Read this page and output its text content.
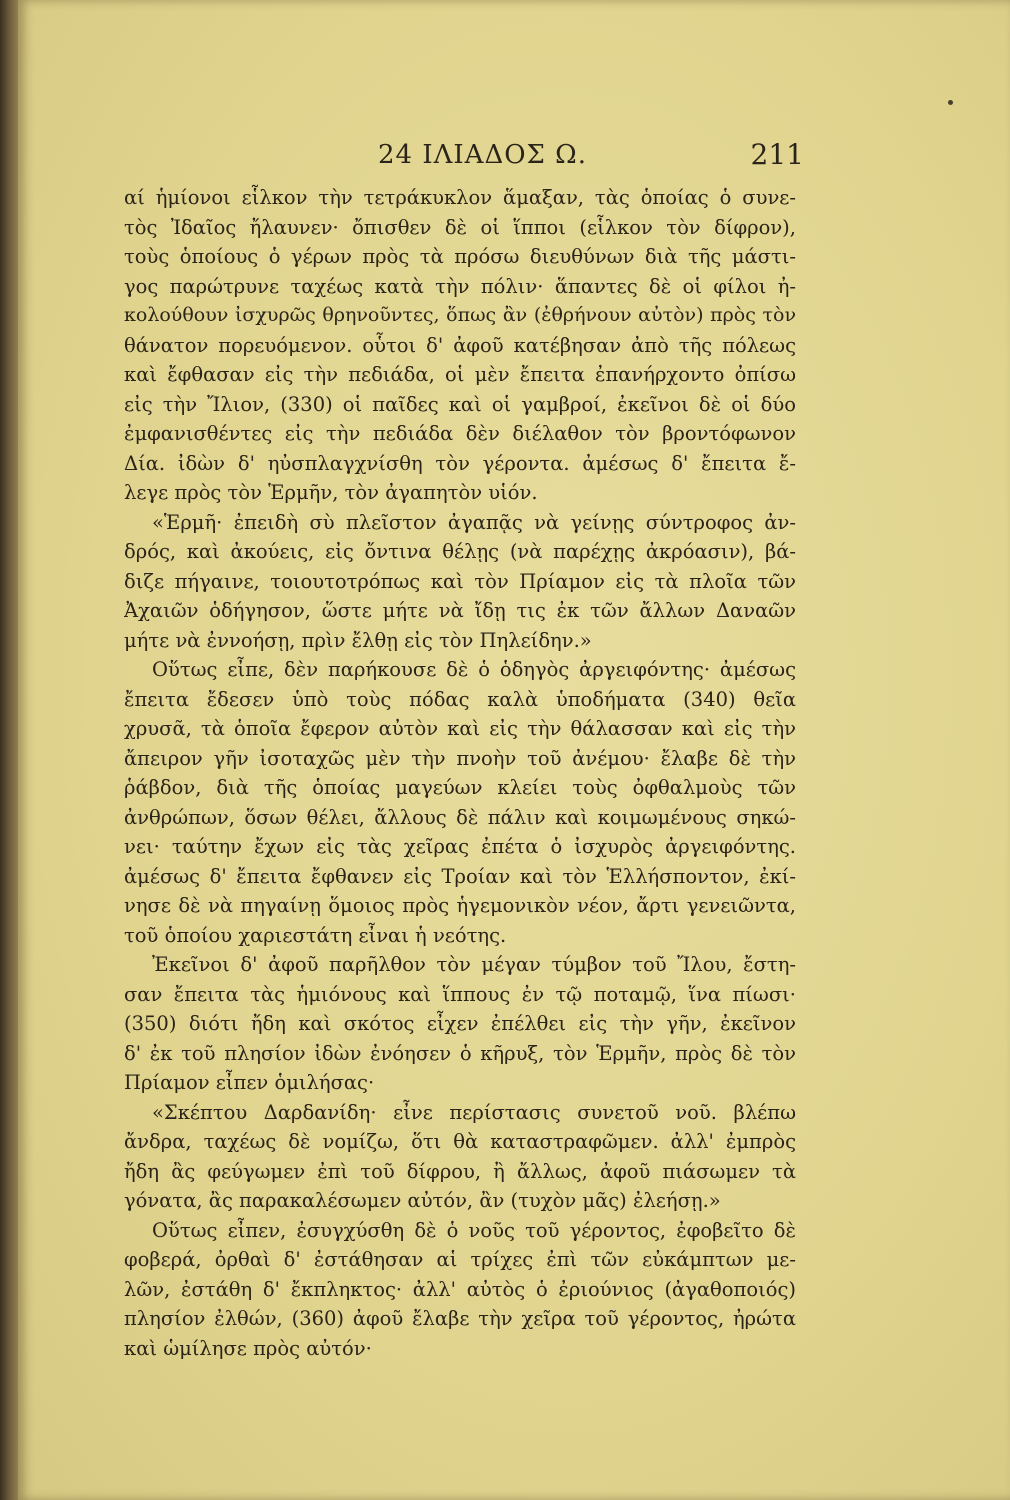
24 ΙΛΙΑΔΟΣ Ω.	211
αί ἡμίονοι εἷλκον τὴν τετράκυκλον ἅμαξαν, τὰς ὁποίας ὁ συνε-
τὸς Ἰδαῖος ἤλαυνεν· ὄπισθεν δὲ οἱ ἵπποι (εἷλκον τὸν δίφρον),
τοὺς ὁποίους ὁ γέρων πρὸς τὰ πρόσω διευθύνων διὰ τῆς μάστι-
γος παρώτρυνε ταχέως κατὰ τὴν πόλιν· ἅπαντες δὲ οἱ φίλοι ἠ-
κολούθουν ἰσχυρῶς θρηνοῦντες, ὅπως ἂν (ἐθρήνουν αὐτὸν) πρὸς τὸν
θάνατον πορευόμενον. οὗτοι δ' ἀφοῦ κατέβησαν ἀπὸ τῆς πόλεως
καὶ ἔφθασαν εἰς τὴν πεδιάδα, οἱ μὲν ἔπειτα ἐπανήρχοντο ὀπίσω
εἰς τὴν Ἴλιον, (330) οἱ παῖδες καὶ οἱ γαμβροί, ἐκεῖνοι δὲ οἱ δύο
ἐμφανισθέντες εἰς τὴν πεδιάδα δὲν διέλαθον τὸν βροντόφωνον
Δία. ἰδὼν δ' ηὐσπλαγχνίσθη τὸν γέροντα. ἀμέσως δ' ἔπειτα ἔ-
λεγε πρὸς τὸν Ἑρμῆν, τὸν ἀγαπητὸν υἱόν.
«Ἑρμῆ· ἐπειδὴ σὺ πλεῖστον ἀγαπᾷς νὰ γείνῃς σύντροφος ἀν-
δρός, καὶ ἀκούεις, εἰς ὄντινα θέλῃς (νὰ παρέχῃς ἀκρόασιν), βά-
διζε πήγαινε, τοιουτοτρόπως καὶ τὸν Πρίαμον εἰς τὰ πλοῖα τῶν
Ἀχαιῶν ὁδήγησον, ὥστε μήτε νὰ ἴδῃ τις ἐκ τῶν ἄλλων Δαναῶν
μήτε νὰ ἐννοήσῃ, πρὶν ἔλθῃ εἰς τὸν Πηλείδην.»
Οὕτως εἶπε, δὲν παρήκουσε δὲ ὁ ὁδηγὸς ἀργειφόντης· ἀμέσως
ἔπειτα ἔδεσεν ὑπὸ τοὺς πόδας καλὰ ὑποδήματα (340) θεῖα
χρυσᾶ, τὰ ὁποῖα ἔφερον αὐτὸν καὶ εἰς τὴν θάλασσαν καὶ εἰς τὴν
ἄπειρον γῆν ἰσοταχῶς μὲν τὴν πνοὴν τοῦ ἀνέμου· ἔλαβε δὲ τὴν
ῥάβδον, διὰ τῆς ὁποίας μαγεύων κλείει τοὺς ὀφθαλμοὺς τῶν
ἀνθρώπων, ὅσων θέλει, ἄλλους δὲ πάλιν καὶ κοιμωμένους σηκώ-
νει· ταύτην ἔχων εἰς τὰς χεῖρας ἐπέτα ὁ ἰσχυρὸς ἀργειφόντης.
ἀμέσως δ' ἔπειτα ἔφθανεν εἰς Τροίαν καὶ τὸν Ἑλλήσποντον, ἐκί-
νησε δὲ νὰ πηγαίνῃ ὅμοιος πρὸς ἡγεμονικὸν νέον, ἄρτι γενειῶντα,
τοῦ ὁποίου χαριεστάτη εἶναι ἡ νεότης.
Ἐκεῖνοι δ' ἀφοῦ παρῆλθον τὸν μέγαν τύμβον τοῦ Ἴλου, ἔστη-
σαν ἔπειτα τὰς ἡμιόνους καὶ ἵππους ἐν τῷ ποταμῷ, ἵνα πίωσι·
(350) διότι ἤδη καὶ σκότος εἶχεν ἐπέλθει εἰς τὴν γῆν, ἐκεῖνον
δ' ἐκ τοῦ πλησίον ἰδὼν ἐνόησεν ὁ κῆρυξ, τὸν Ἑρμῆν, πρὸς δὲ τὸν
Πρίαμον εἶπεν ὁμιλήσας·
«Σκέπτου Δαρδανίδη· εἶνε περίστασις συνετοῦ νοῦ. βλέπω
ἄνδρα, ταχέως δὲ νομίζω, ὅτι θὰ καταστραφῶμεν. ἀλλ' ἐμπρὸς
ἤδη ἂς φεύγωμεν ἐπὶ τοῦ δίφρου, ἢ ἄλλως, ἀφοῦ πιάσωμεν τὰ
γόνατα, ἂς παρακαλέσωμεν αὐτόν, ἂν (τυχὸν μᾶς) ἐλεήσῃ.»
Οὕτως εἶπεν, ἐσυγχύσθη δὲ ὁ νοῦς τοῦ γέροντος, ἐφοβεῖτο δὲ
φοβερά, ὀρθαὶ δ' ἐστάθησαν αἱ τρίχες ἐπὶ τῶν εὐκάμπτων με-
λῶν, ἐστάθη δ' ἔκπληκτος· ἀλλ' αὐτὸς ὁ ἐριούνιος (ἀγαθοποιός)
πλησίον ἐλθών, (360) ἀφοῦ ἔλαβε τὴν χεῖρα τοῦ γέροντος, ἠρώτα
καὶ ὡμίλησε πρὸς αὐτόν·
